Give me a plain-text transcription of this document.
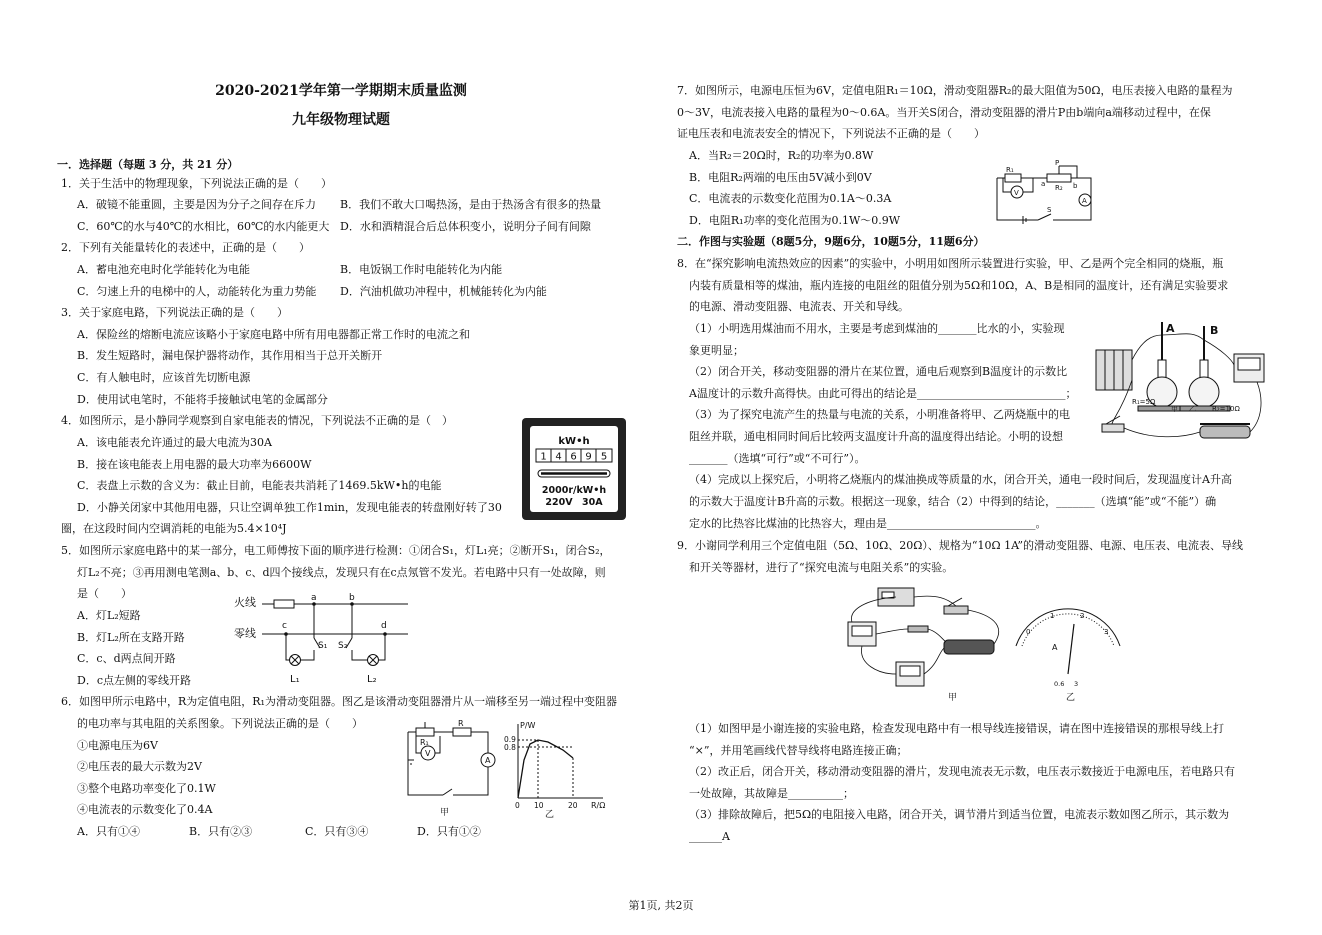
2020-2021学年第一学期期末质量监测
九年级物理试题
一．选择题（每题 3 分，共 21 分）
1．关于生活中的物理现象，下列说法正确的是（　　）
A．破镜不能重圆，主要是因为分子之间存在斥力 B．我们不敢大口喝热汤，是由于热汤含有很多的热量
C．60℃的水与40℃的水相比，60℃的水内能更大 D．水和酒精混合后总体积变小，说明分子间有间隙
2．下列有关能量转化的表述中，正确的是（　　）
A．蓄电池充电时化学能转化为电能	B．电饭锅工作时电能转化为内能
C．匀速上升的电梯中的人，动能转化为重力势能 D．汽油机做功冲程中，机械能转化为内能
3．关于家庭电路，下列说法正确的是（　　）
A．保险丝的熔断电流应该略小于家庭电路中所有用电器都正常工作时的电流之和
B．发生短路时，漏电保护器将动作，其作用相当于总开关断开
C．有人触电时，应该首先切断电源
D．使用试电笔时，不能将手接触试电笔的金属部分
4．如图所示，是小静同学观察到自家电能表的情况，下列说法不正确的是（　）
A．该电能表允许通过的最大电流为30A
B．接在该电能表上用电器的最大功率为6600W
C．表盘上示数的含义为：截止目前，电能表共消耗了1469.5kW•h的电能
D．小静关闭家中其他用电器，只让空调单独工作1min，发现电能表的转盘刚好转了30
圈，在这段时间内空调消耗的电能为5.4×10⁴J
5．如图所示家庭电路中的某一部分，电工师傅按下面的顺序进行检测：①闭合S₁，灯L₁亮；②断开S₁，闭合S₂，
灯L₂不亮；③再用测电笔测a、b、c、d四个接线点，发现只有在c点氖管不发光。若电路中只有一处故障，则
是（　　）
A．灯L₂短路
B．灯L₂所在支路开路
C．c、d两点间开路
D．c点左侧的零线开路
6．如图甲所示电路中，R为定值电阻，R₁为滑动变阻器。图乙是该滑动变阻器滑片从一端移至另一端过程中变阻器
的电功率与其电阻的关系图象。下列说法正确的是（　　）
①电源电压为6V
②电压表的最大示数为2V
③整个电路功率变化了0.1W
④电流表的示数变化了0.4A
A．只有①④	B．只有②③	C．只有③④	D．只有①②
7．如图所示，电源电压恒为6V，定值电阻R₁＝10Ω，滑动变阻器R₂的最大阻值为50Ω，电压表接入电路的量程为
0～3V，电流表接入电路的量程为0～0.6A。当开关S闭合，滑动变阻器的滑片P由b端向a端移动过程中，在保
证电压表和电流表安全的情况下，下列说法不正确的是（　　）
A．当R₂＝20Ω时，R₂的功率为0.8W
B．电阻R₂两端的电压由5V减小到0V
C．电流表的示数变化范围为0.1A～0.3A
D．电阻R₁功率的变化范围为0.1W～0.9W
二．作图与实验题（8题5分，9题6分，10题5分，11题6分）
8．在“探究影响电流热效应的因素”的实验中，小明用如图所示装置进行实验，甲、乙是两个完全相同的烧瓶，瓶
内装有质量相等的煤油，瓶内连接的电阻丝的阻值分别为5Ω和10Ω，A、B是相同的温度计，还有满足实验要求
的电源、滑动变阻器、电流表、开关和导线。
（1）小明选用煤油而不用水，主要是考虑到煤油的_______比水的小，实验现
象更明显；
（2）闭合开关，移动变阻器的滑片在某位置，通电后观察到B温度计的示数比
A温度计的示数升高得快。由此可得出的结论是___________________________；
（3）为了探究电流产生的热量与电流的关系，小明准备将甲、乙两烧瓶中的电
阻丝并联，通电相同时间后比较两支温度计升高的温度得出结论。小明的设想
_______（选填“可行”或“不可行”）。
（4）完成以上探究后，小明将乙烧瓶内的煤油换成等质量的水，闭合开关，通电一段时间后，发现温度计A升高
的示数大于温度计B升高的示数。根据这一现象，结合（2）中得到的结论，_______（选填“能”或“不能”）确
定水的比热容比煤油的比热容大，理由是___________________________。
9．小谢同学利用三个定值电阻（5Ω、10Ω、20Ω）、规格为“10Ω 1A”的滑动变阻器、电源、电压表、电流表、导线
和开关等器材，进行了“探究电流与电阻关系”的实验。
（1）如图甲是小谢连接的实验电路，检查发现电路中有一根导线连接错误，请在图中连接错误的那根导线上打
“×”，并用笔画线代替导线将电路连接正确；
（2）改正后，闭合开关，移动滑动变阻器的滑片，发现电流表无示数，电压表示数接近于电源电压，若电路只有
一处故障，其故障是__________；
（3）排除故障后，把5Ω的电阻接入电路，闭合开关，调节滑片到适当位置，电流表示数如图乙所示，其示数为
______A
kW•h
1 4 6 9 5
2000r/kW•h
220V　30A
火线
零线
a	b
c	d
S₁ S₂
L₁	L₂
R₁
R
V
A
甲
P/W
0.9
0.8
0 10	20 R/Ω
乙
R₁
P
a R₂ b
V
S
A
A	B
R₁=5Ω
甲 乙 R₂=10Ω
甲
0
1	2
3
A
0.6 3
乙
第1页, 共2页
